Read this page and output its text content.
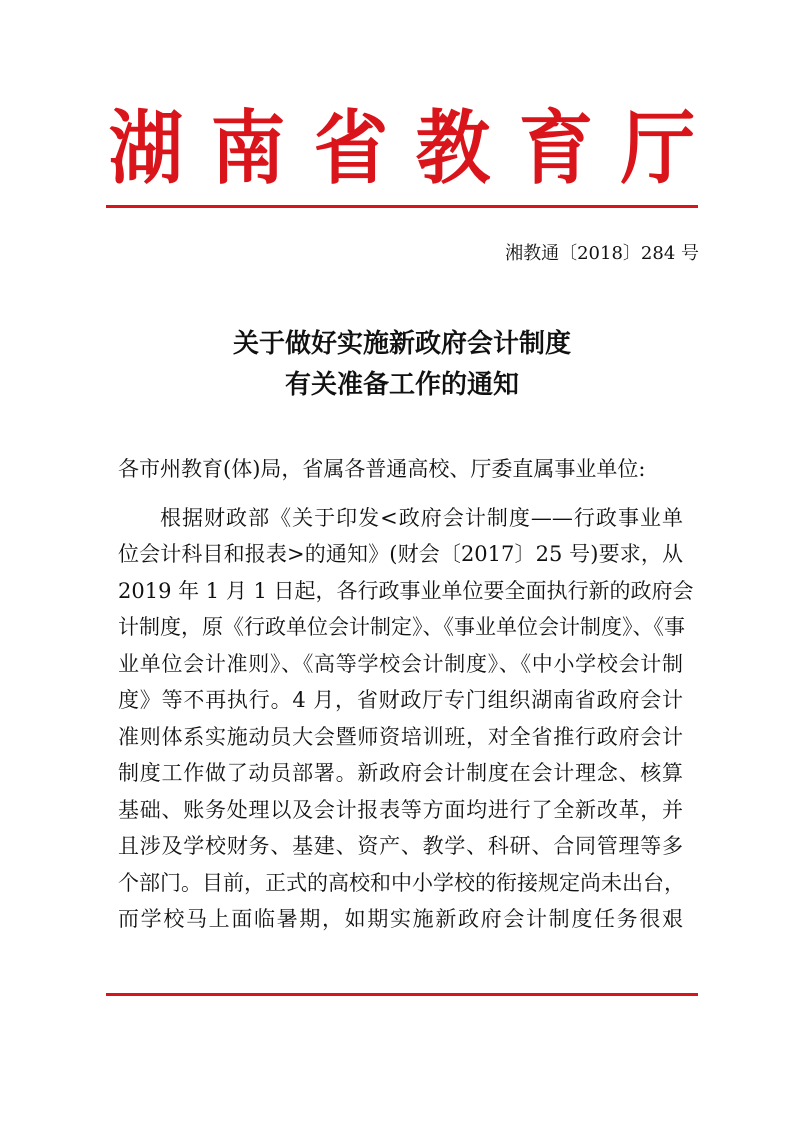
湖 南 省 教 育 厅
湘教通〔2018〕284 号
关于做好实施新政府会计制度
有关准备工作的通知
各市州教育(体)局，省属各普通高校、厅委直属事业单位:
根据财政部《关于印发<政府会计制度——行政事业单
位会计科目和报表>的通知》(财会〔2017〕25 号)要求，从
2019 年 1 月 1 日起，各行政事业单位要全面执行新的政府会
计制度，原《行政单位会计制定》、《事业单位会计制度》、《事
业单位会计准则》、《高等学校会计制度》、《中小学校会计制
度》等不再执行。4 月，省财政厅专门组织湖南省政府会计
准则体系实施动员大会暨师资培训班，对全省推行政府会计
制度工作做了动员部署。新政府会计制度在会计理念、核算
基础、账务处理以及会计报表等方面均进行了全新改革，并
且涉及学校财务、基建、资产、教学、科研、合同管理等多
个部门。目前，正式的高校和中小学校的衔接规定尚未出台，
而学校马上面临暑期，如期实施新政府会计制度任务很艰
